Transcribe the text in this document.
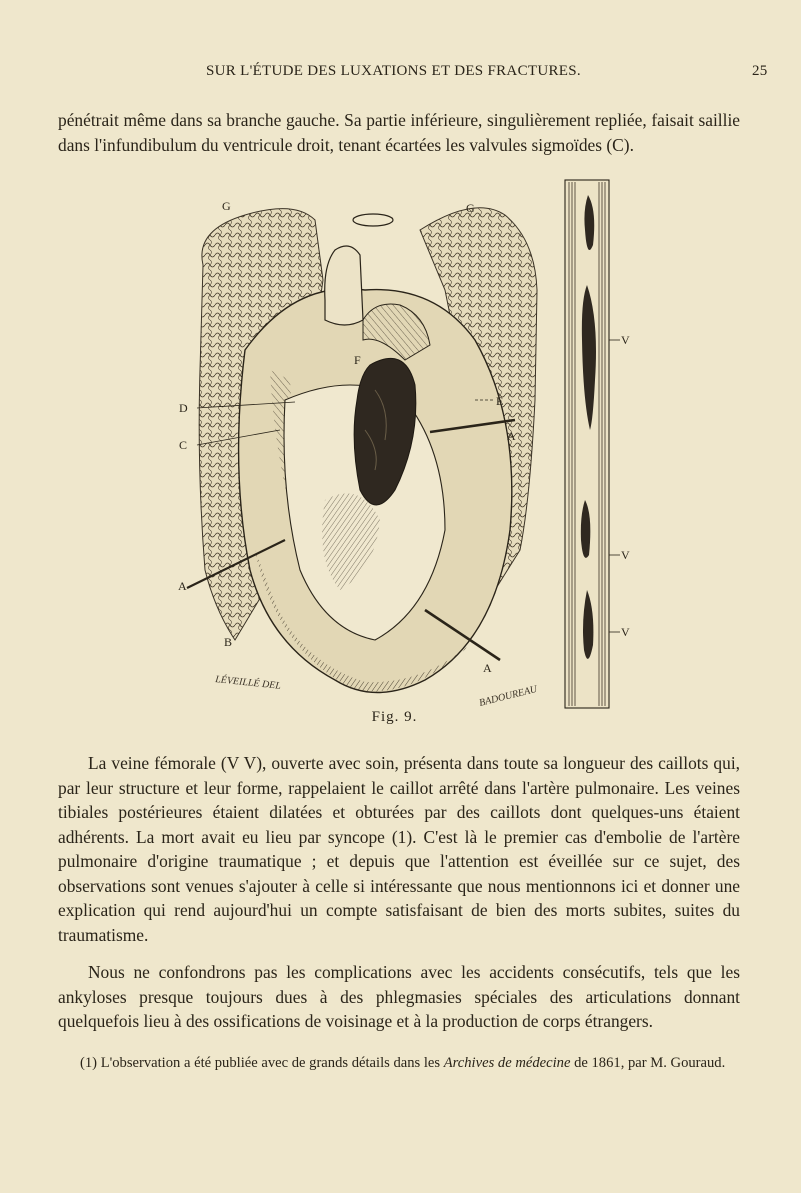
SUR L'ÉTUDE DES LUXATIONS ET DES FRACTURES.	25

pénétrait même dans sa branche gauche. Sa partie inférieure, singulièrement repliée, faisait saillie dans l'infundibulum du ventricule droit, tenant écartées les valvules sigmoïdes (C).

G	G
F
E
D
C
A
A
B
A
V
V
V
LÉVEILLÉ DEL
BADOUREAU
Fig. 9.

La veine fémorale (V V), ouverte avec soin, présenta dans toute sa longueur des caillots qui, par leur structure et leur forme, rappelaient le caillot arrêté dans l'artère pulmonaire. Les veines tibiales postérieures étaient dilatées et obturées par des caillots dont quelques-uns étaient adhérents. La mort avait eu lieu par syncope (1). C'est là le premier cas d'embolie de l'artère pulmonaire d'origine traumatique ; et depuis que l'attention est éveillée sur ce sujet, des observations sont venues s'ajouter à celle si intéressante que nous mentionnons ici et donner une explication qui rend aujourd'hui un compte satisfaisant de bien des morts subites, suites du traumatisme.

Nous ne confondrons pas les complications avec les accidents consécutifs, tels que les ankyloses presque toujours dues à des phlegmasies spéciales des articulations donnant quelquefois lieu à des ossifications de voisinage et à la production de corps étrangers.

(1) L'observation a été publiée avec de grands détails dans les Archives de médecine de 1861, par M. Gouraud.
